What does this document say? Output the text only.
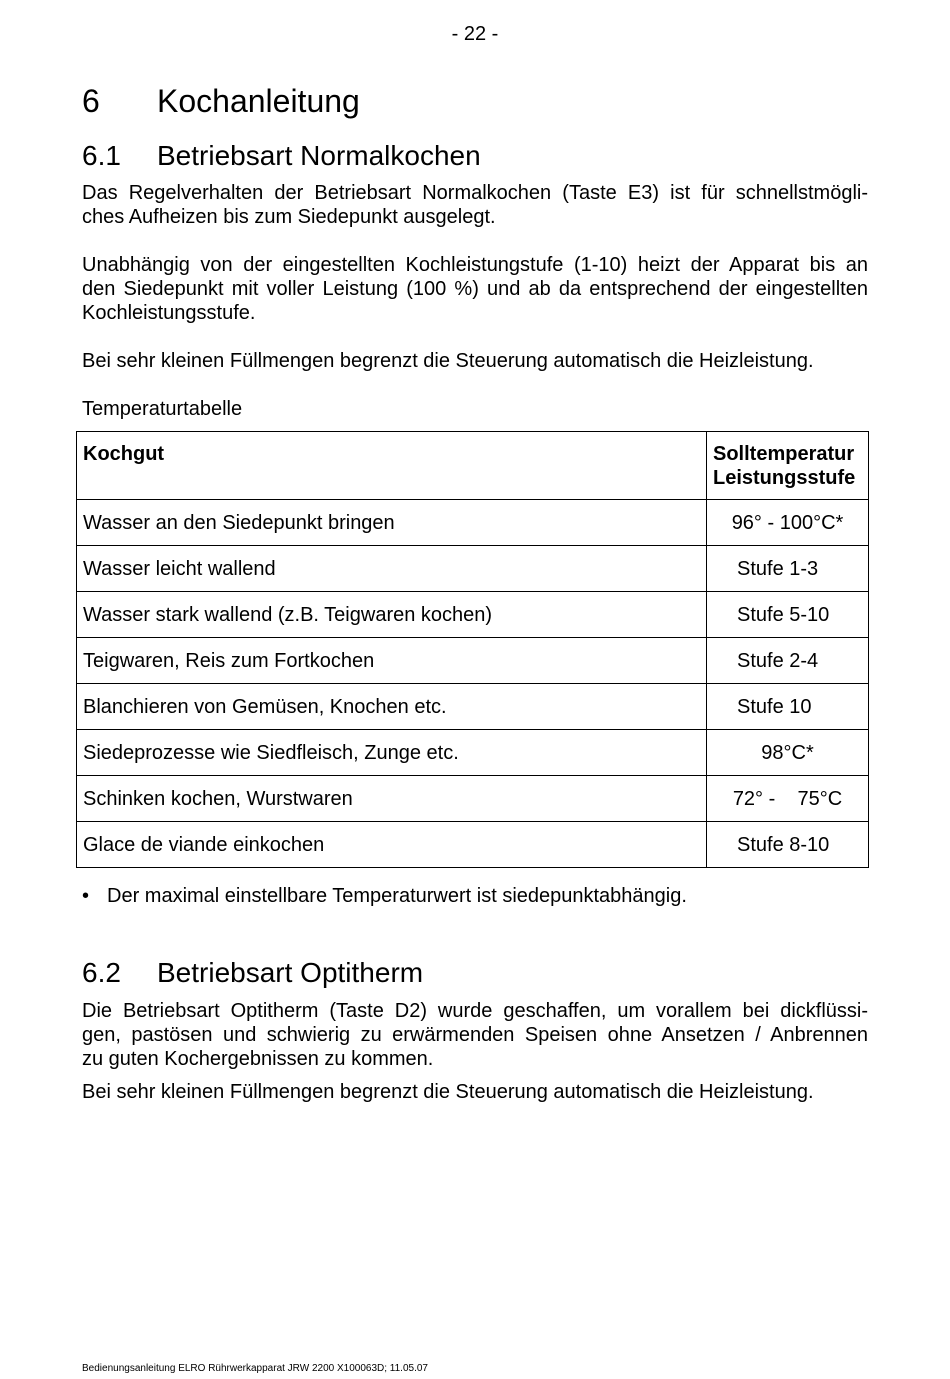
- 22 -
6 Kochanleitung
6.1 Betriebsart Normalkochen
Das Regelverhalten der Betriebsart Normalkochen (Taste E3) ist für schnellstmögli-
ches Aufheizen bis zum Siedepunkt ausgelegt.
Unabhängig von der eingestellten Kochleistungstufe (1-10) heizt der Apparat bis an
den Siedepunkt mit voller Leistung (100 %) und ab da entsprechend der eingestellten
Kochleistungsstufe.
Bei sehr kleinen Füllmengen begrenzt die Steuerung automatisch die Heizleistung.
Temperaturtabelle
Kochgut	Solltemperatur
Leistungsstufe

Wasser an den Siedepunkt bringen	96° - 100°C*
Wasser leicht wallend	Stufe 1-3
Wasser stark wallend (z.B. Teigwaren kochen)	Stufe 5-10
Teigwaren, Reis zum Fortkochen	Stufe 2-4
Blanchieren von Gemüsen, Knochen etc.	Stufe 10
Siedeprozesse wie Siedfleisch, Zunge etc.	98°C*
Schinken kochen, Wurstwaren	72° -    75°C
Glace de viande einkochen	Stufe 8-10
• Der maximal einstellbare Temperaturwert ist siedepunktabhängig.
6.2 Betriebsart Optitherm
Die Betriebsart Optitherm (Taste D2) wurde geschaffen, um vorallem bei dickflüssi-
gen, pastösen und schwierig zu erwärmenden Speisen ohne Ansetzen / Anbrennen
zu guten Kochergebnissen zu kommen.
Bei sehr kleinen Füllmengen begrenzt die Steuerung automatisch die Heizleistung.
Bedienungsanleitung ELRO Rührwerkapparat JRW 2200 X100063D; 11.05.07
